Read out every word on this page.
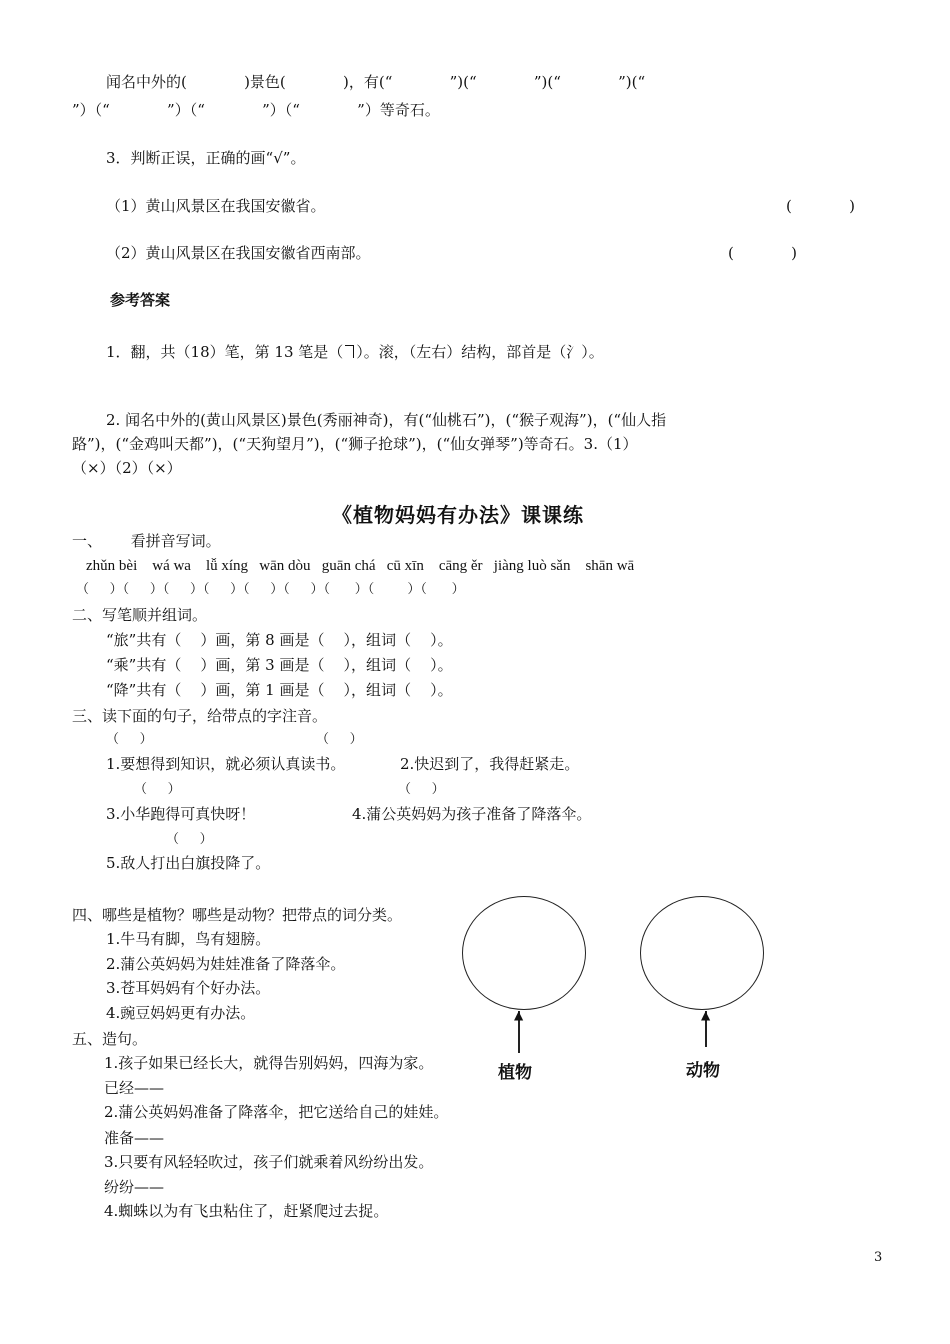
闻名中外的(            )景色(            )，有(“            ”)(“            ”)(“            ”)(“
”）（“            ”）（“            ”）（“            ”）等奇石。
3．判断正误，正确的画“√”。
（1）黄山风景区在我国安徽省。	(            )
（2）黄山风景区在我国安徽省西南部。	(            )
参考答案
1．翻，共（18）笔，第 13 笔是（ ）。滚，（左右）结构，部首是（氵）。
2. 闻名中外的(黄山风景区)景色(秀丽神奇)，有(“仙桃石”)，(“猴子观海”)，(“仙人指
路”)，(“金鸡叫天都”)，(“天狗望月”)，(“狮子抢球”)，(“仙女弹琴”)等奇石。3.（1）
（×）（2）（×）
《植物妈妈有办法》课课练
一、      看拼音写词。
zhǔn bèi    wá wa    lǚ xíng   wān dòu   guān chá   cū xīn    cāng ěr   jiàng luò sǎn    shān wā
（     ）（     ）（     ）（     ）（     ）（     ）（      ）（        ）（      ）
二、写笔顺并组词。
“旅”共有（    ）画，第 8 画是（    ），组词（    ）。
“乘”共有（    ）画，第 3 画是（    ），组词（    ）。
“降”共有（    ）画，第 1 画是（    ），组词（    ）。
三、读下面的句子，给带点的字注音。
（     ）	（     ）
1.要想得到知识，就必须认真读书。	2.快迟到了，我得赶紧走。
（     ）	（     ）
3.小华跑得可真快呀！	4.蒲公英妈妈为孩子准备了降落伞。
（     ）
5.敌人打出白旗投降了。
四、哪些是植物？哪些是动物？把带点的词分类。
1.牛马有脚，鸟有翅膀。
2.蒲公英妈妈为娃娃准备了降落伞。
3.苍耳妈妈有个好办法。
4.豌豆妈妈更有办法。	▲	▲
植物	动物
五、造句。
1.孩子如果已经长大，就得告别妈妈，四海为家。
已经——
2.蒲公英妈妈准备了降落伞，把它送给自己的娃娃。
准备——
3.只要有风轻轻吹过，孩子们就乘着风纷纷出发。
纷纷——
4.蜘蛛以为有飞虫粘住了，赶紧爬过去捉。
3
